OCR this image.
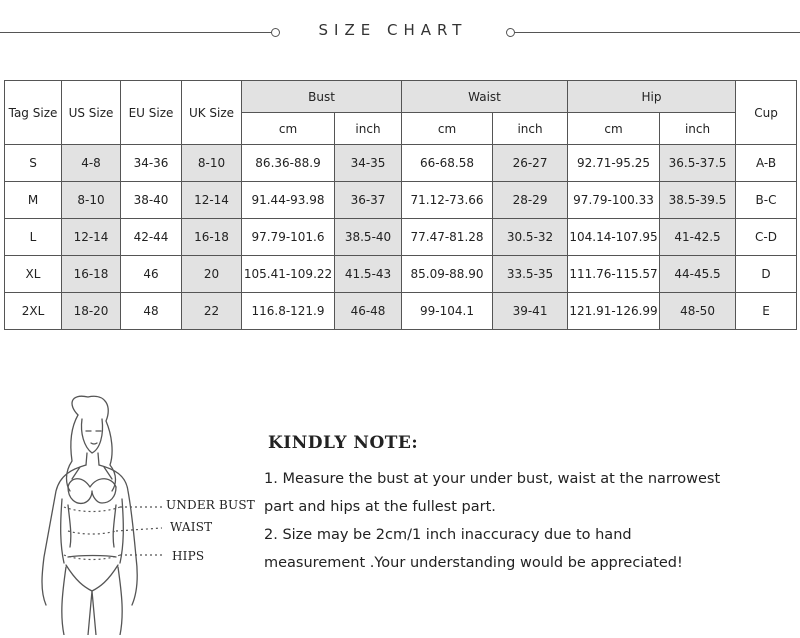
SIZE CHART
Tag Size	US Size	EU Size	UK Size	Bust		Waist		Hip		Cup
				cm	inch	cm	inch	cm	inch	
S	4-8	34-36	8-10	86.36-88.9	34-35	66-68.58	26-27	92.71-95.25	36.5-37.5	A-B
M	8-10	38-40	12-14	91.44-93.98	36-37	71.12-73.66	28-29	97.79-100.33	38.5-39.5	B-C
L	12-14	42-44	16-18	97.79-101.6	38.5-40	77.47-81.28	30.5-32	104.14-107.95	41-42.5	C-D
XL	16-18	46	20	105.41-109.22	41.5-43	85.09-88.90	33.5-35	111.76-115.57	44-45.5	D
2XL	18-20	48	22	116.8-121.9	46-48	99-104.1	39-41	121.91-126.99	48-50	E
UNDER BUST
WAIST
HIPS
KINDLY NOTE:
1. Measure the bust at your under bust, waist at the narrowest
part and hips at the fullest part.
2. Size may be 2cm/1 inch inaccuracy due to hand
measurement .Your understanding would be appreciated!
